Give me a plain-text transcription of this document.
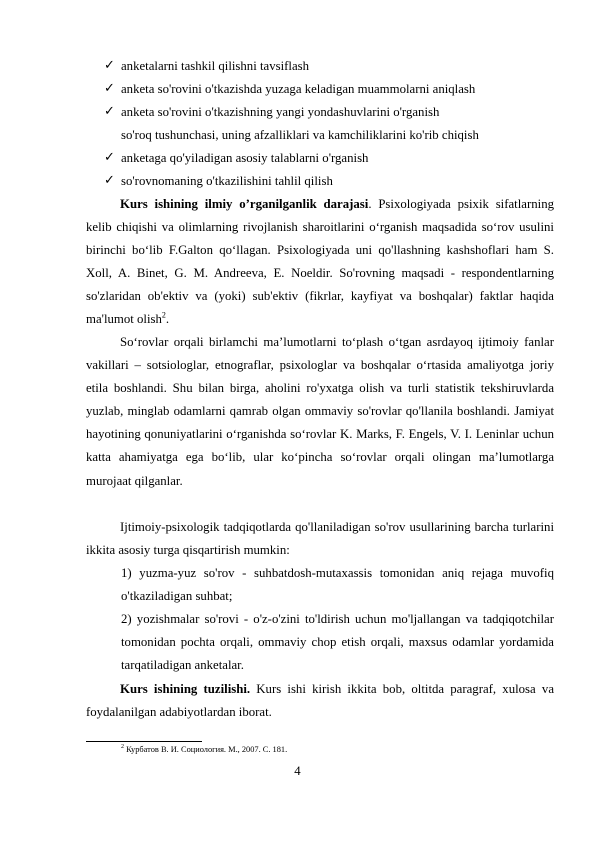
✓ anketalarni tashkil qilishni tavsiflash
✓ anketa so'rovini o'tkazishda yuzaga keladigan muammolarni aniqlash
✓ anketa so'rovini o'tkazishning yangi yondashuvlarini o'rganish
so'roq tushunchasi, uning afzalliklari va kamchiliklarini ko'rib chiqish
✓ anketaga qo'yiladigan asosiy talablarni o'rganish
✓ so'rovnomaning o'tkazilishini tahlil qilish

Kurs ishining ilmiy o’rganilganlik darajasi. Psixologiyada psixik sifatlarning kelib chiqishi va olimlarning rivojlanish sharoitlarini o‘rganish maqsadida so‘rov usulini birinchi bo‘lib F.Galton qo‘llagan. Psixologiyada uni qo'llashning kashshoflari ham S. Xoll, A. Binet, G. M. Andreeva, E. Noeldir. So'rovning maqsadi - respondentlarning so'zlaridan ob'ektiv va (yoki) sub'ektiv (fikrlar, kayfiyat va boshqalar) faktlar haqida ma'lumot olish$^2$.

So‘rovlar orqali birlamchi ma’lumotlarni to‘plash o‘tgan asrdayoq ijtimoiy fanlar vakillari – sotsiologlar, etnograflar, psixologlar va boshqalar o‘rtasida amaliyotga joriy etila boshlandi. Shu bilan birga, aholini ro'yxatga olish va turli statistik tekshiruvlarda yuzlab, minglab odamlarni qamrab olgan ommaviy so'rovlar qo'llanila boshlandi. Jamiyat hayotining qonuniyatlarini o‘rganishda so‘rovlar K. Marks, F. Engels, V. I. Leninlar uchun katta ahamiyatga ega bo‘lib, ular ko‘pincha so‘rovlar orqali olingan ma’lumotlarga murojaat qilganlar.

Ijtimoiy-psixologik tadqiqotlarda qo'llaniladigan so'rov usullarining barcha turlarini ikkita asosiy turga qisqartirish mumkin:

1) yuzma-yuz so'rov - suhbatdosh-mutaxassis tomonidan aniq rejaga muvofiq o'tkaziladigan suhbat;

2) yozishmalar so'rovi - o'z-o'zini to'ldirish uchun mo'ljallangan va tadqiqotchilar tomonidan pochta orqali, ommaviy chop etish orqali, maxsus odamlar yordamida tarqatiladigan anketalar.

Kurs ishining tuzilishi. Kurs ishi kirish ikkita bob, oltitda paragraf, xulosa va foydalanilgan adabiyotlardan iborat.

$^2$ Курбатов В. И. Социология. М., 2007. С. 181.
4
